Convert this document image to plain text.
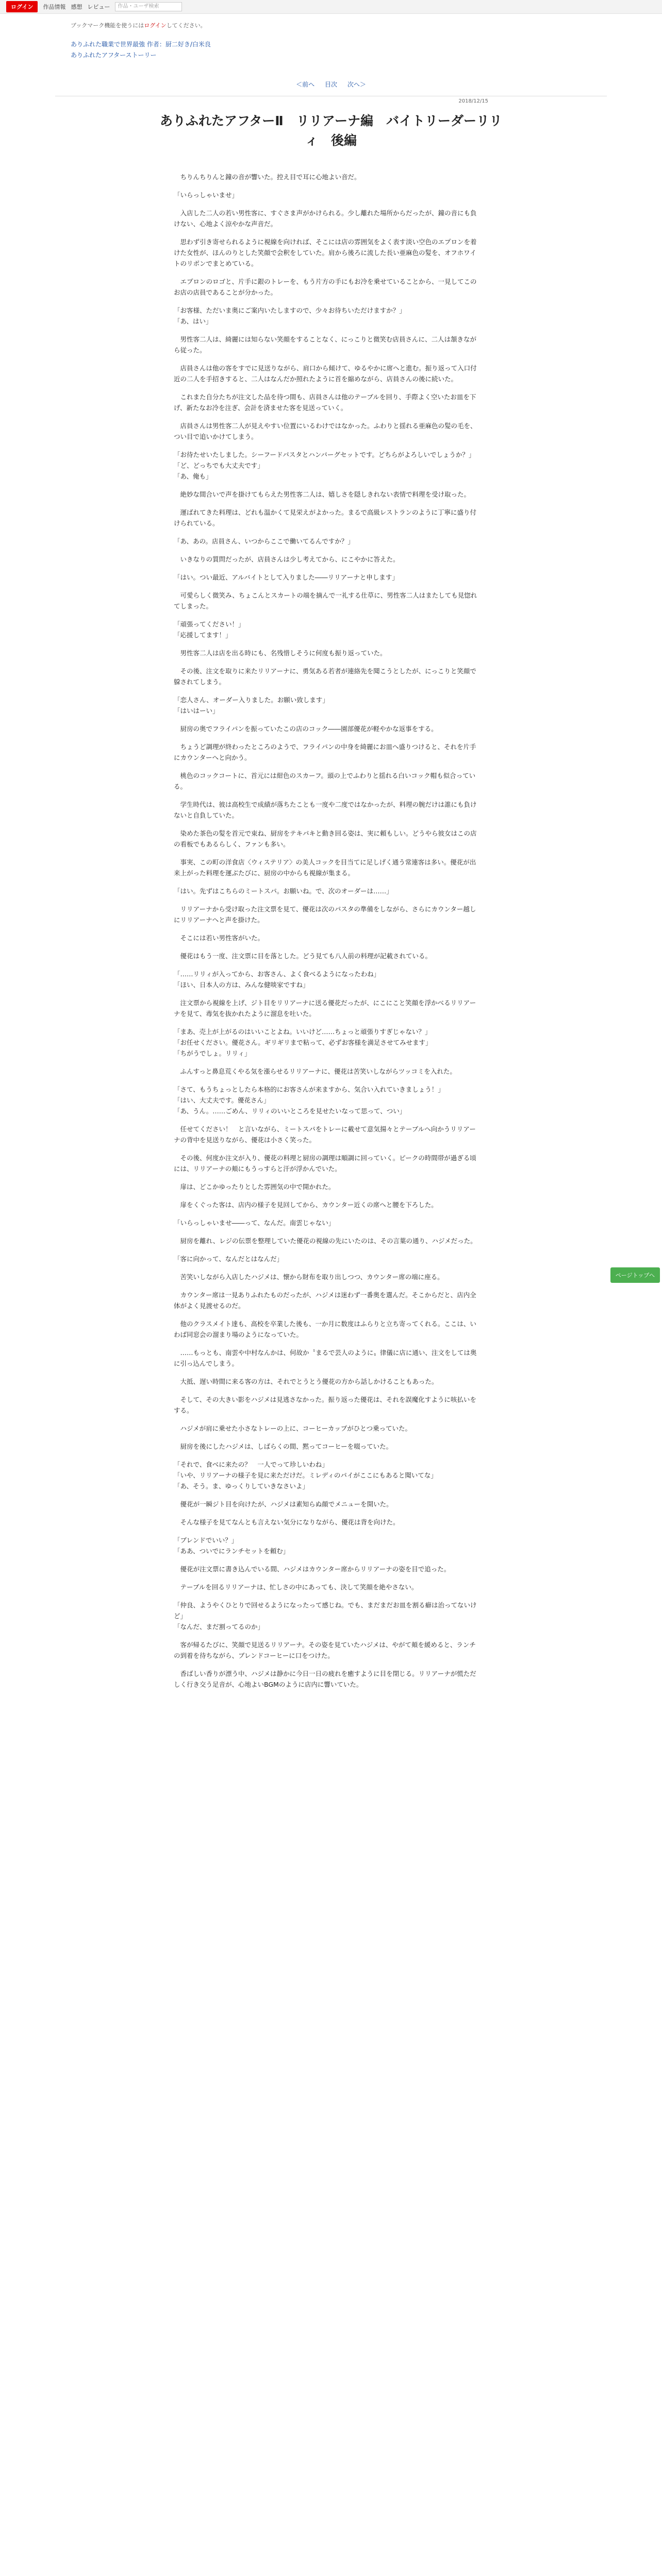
ログイン	作品情報 感想 レビュー	作品・ユーザ検索
ブックマーク機能を使うにはログインしてください。
ありふれた職業で世界最強 作者：厨二好き/白米良
ありふれたアフターストーリー
＜前へ 目次 次へ＞
2018/12/15
ありふれたアフターⅡ　リリアーナ編　バイトリーダーリリィ　後編

　ちりんちりんと鐘の音が響いた。控え目で耳に心地よい音だ。

「いらっしゃいませ」

　入店した二人の若い男性客に、すぐさま声がかけられる。少し離れた場所からだったが、鐘の音にも負けない、心地よく涼やかな声音だ。

　思わず引き寄せられるように視線を向ければ、そこには店の雰囲気をよく表す淡い空色のエプロンを着けた女性が、ほんのりとした笑顔で会釈をしていた。肩から後ろに流した長い亜麻色の髪を、オフホワイトのリボンでまとめている。

　エプロンのロゴと、片手に銀のトレーを、もう片方の手にもお冷を乗せていることから、一見してこのお店の店員であることが分かった。

「お客様、ただいま奥にご案内いたしますので、少々お待ちいただけますか？」
「あ、はい」

　男性客二人は、綺麗には知らない笑顔をすることなく、にっこりと微笑む店員さんに、二人は頷きながら従った。

　店員さんは他の客をすでに見送りながら、肩口から傾けて、ゆるやかに席へと進む。振り返って入口付近の二人を手招きすると、二人はなんだか照れたように首を縮めながら、店員さんの後に続いた。

　これまた自分たちが注文した品を待つ間も、店員さんは他のテーブルを回り、手際よく空いたお皿を下げ、新たなお冷を注ぎ、会計を済ませた客を見送っていく。

　店員さんは男性客二人が見えやすい位置にいるわけではなかった。ふわりと揺れる亜麻色の髪の毛を、つい目で追いかけてしまう。

「お待たせいたしました。シーフードパスタとハンバーグセットです。どちらがよろしいでしょうか？」
「ど、どっちでも大丈夫です」
「あ、俺も」

　絶妙な間合いで声を掛けてもらえた男性客二人は、嬉しさを隠しきれない表情で料理を受け取った。

　運ばれてきた料理は、どれも温かくて見栄えがよかった。まるで高級レストランのように丁寧に盛り付けられている。

「あ、あの。店員さん、いつからここで働いてるんですか？」

　いきなりの質問だったが、店員さんは少し考えてから、にこやかに答えた。

「はい。つい最近、アルバイトとして入りました――リリアーナと申します」

　可愛らしく微笑み、ちょこんとスカートの端を摘んで一礼する仕草に、男性客二人はまたしても見惚れてしまった。

「頑張ってください！」
「応援してます！」

　男性客二人は店を出る時にも、名残惜しそうに何度も振り返っていた。

　その後、注文を取りに来たリリアーナに、勇気ある若者が連絡先を聞こうとしたが、にっこりと笑顔で躱されてしまう。

「恋人さん、オーダー入りました。お願い致します」
「はいはーい」

　厨房の奥でフライパンを振っていたこの店のコック――園部優花が軽やかな返事をする。

　ちょうど調理が終わったところのようで、フライパンの中身を綺麗にお皿へ盛りつけると、それを片手にカウンターへと向かう。

　桃色のコックコートに、首元には紺色のスカーフ。頭の上でふわりと揺れる白いコック帽も似合っている。

　学生時代は、彼は高校生で成績が落ちたことも一度や二度ではなかったが、料理の腕だけは誰にも負けないと自負していた。

　染めた茶色の髪を首元で束ね、厨房をテキパキと動き回る姿は、実に頼もしい。どうやら彼女はこの店の看板でもあるらしく、ファンも多い。

　事実、この町の洋食店〈ウィステリア〉の美人コックを目当てに足しげく通う常連客は多い。優花が出来上がった料理を運ぶたびに、厨房の中からも視線が集まる。

「はい。先ずはこちらのミートスパ。お願いね。で、次のオーダーは……」

　リリアーナから受け取った注文票を見て、優花は次のパスタの準備をしながら、さらにカウンター越しにリリアーナへと声を掛けた。

　そこには若い男性客がいた。

　優花はもう一度、注文票に目を落とした。どう見ても八人前の料理が記載されている。

「……リリィが入ってから、お客さん、よく食べるようになったわね」
「ほい、日本人の方は、みんな健啖家ですね」

　注文票から視線を上げ、ジト目をリリアーナに送る優花だったが、にこにこと笑顔を浮かべるリリアーナを見て、毒気を抜かれたように溜息を吐いた。

「まあ、売上が上がるのはいいことよね。いいけど……ちょっと頑張りすぎじゃない？」
「お任せください。優花さん。ギリギリまで粘って、必ずお客様を満足させてみせます」
「ちがうでしょ。リリィ」

　ふんすっと鼻息荒くやる気を漲らせるリリアーナに、優花は苦笑いしながらツッコミを入れた。

「さて、もうちょっとしたら本格的にお客さんが来ますから、気合い入れていきましょう！」
「はい、大丈夫です。優花さん」
「あ、うん。……ごめん、リリィのいいところを見せたいなって思って、つい」

　任せてください！　と言いながら、ミートスパをトレーに載せて意気揚々とテーブルへ向かうリリアーナの背中を見送りながら、優花は小さく笑った。

　その後、何度か注文が入り、優花の料理と厨房の調理は順調に回っていく。ピークの時間帯が過ぎる頃には、リリアーナの頬にもうっすらと汗が浮かんでいた。

　扉は、どこかゆったりとした雰囲気の中で開かれた。

　扉をくぐった客は、店内の様子を見回してから、カウンター近くの席へと腰を下ろした。

「いらっしゃいませ――って、なんだ。南雲じゃない」

　厨房を離れ、レジの伝票を整理していた優花の視線の先にいたのは、その言葉の通り、ハジメだった。

「客に向かって、なんだとはなんだ」

　苦笑いしながら入店したハジメは、懐から財布を取り出しつつ、カウンター席の端に座る。

　カウンター席は一見ありふれたものだったが、ハジメは迷わず一番奥を選んだ。そこからだと、店内全体がよく見渡せるのだ。

　他のクラスメイト達も、高校を卒業した後も、一か月に数度はふらりと立ち寄ってくれる。ここは、いわば同窓会の溜まり場のようになっていた。

　……もっとも、南雲や中村なんかは、何故か〝まるで芸人のように〟律儀に店に通い、注文をしては奥に引っ込んでしまう。

　大抵、遅い時間に来る客の方は、それでとうとう優花の方から話しかけることもあった。

　そして、その大きい影をハジメは見逃さなかった。振り返った優花は、それを誤魔化すように咳払いをする。

　ハジメが肩に乗せた小さなトレーの上に、コーヒーカップがひとつ乗っていた。

　厨房を後にしたハジメは、しばらくの間、黙ってコーヒーを啜っていた。

「それで、食べに来たの？　一人でって珍しいわね」
「いや、リリアーナの様子を見に来ただけだ。ミレディのパイがここにもあると聞いてな」
「あ、そう。ま、ゆっくりしていきなさいよ」

　優花が一瞬ジト目を向けたが、ハジメは素知らぬ顔でメニューを開いた。

　そんな様子を見てなんとも言えない気分になりながら、優花は背を向けた。

「ブレンドでいい？」
「ああ、ついでにランチセットを頼む」

　優花が注文票に書き込んでいる間、ハジメはカウンター席からリリアーナの姿を目で追った。

　テーブルを回るリリアーナは、忙しさの中にあっても、決して笑顔を絶やさない。

「仲良、ようやくひとりで回せるようになったって感じね。でも、まだまだお皿を割る癖は治ってないけど」
「なんだ、まだ割ってるのか」

　客が帰るたびに、笑顔で見送るリリアーナ。その姿を見ていたハジメは、やがて頬を緩めると、ランチの到着を待ちながら、ブレンドコーヒーに口をつけた。

　香ばしい香りが漂う中、ハジメは静かに今日一日の疲れを癒すように目を閉じる。リリアーナが慌ただしく行き交う足音が、心地よいBGMのように店内に響いていた。

ページトップへ
